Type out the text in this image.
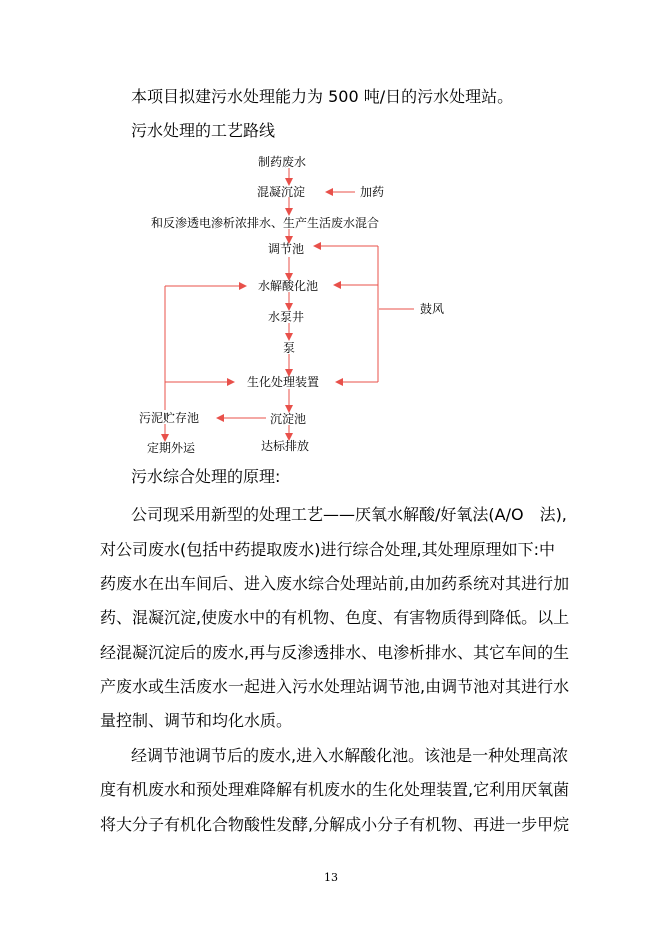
本项目拟建污水处理能力为 500 吨/日的污水处理站。
污水处理的工艺路线
制药废水
混凝沉淀	加药
和反渗透电渗析浓排水、生产生活废水混合
调节池
水解酸化池
水泵井
泵
生化处理装置
沉淀池
达标排放
污泥贮存池
定期外运
鼓风
污水综合处理的原理:
公司现采用新型的处理工艺——厌氧水解酸/好氧法(A/O　法),
对公司废水(包括中药提取废水)进行综合处理,其处理原理如下:中
药废水在出车间后、进入废水综合处理站前,由加药系统对其进行加
药、混凝沉淀,使废水中的有机物、色度、有害物质得到降低。以上
经混凝沉淀后的废水,再与反渗透排水、电渗析排水、其它车间的生
产废水或生活废水一起进入污水处理站调节池,由调节池对其进行水
量控制、调节和均化水质。
经调节池调节后的废水,进入水解酸化池。该池是一种处理高浓
度有机废水和预处理难降解有机废水的生化处理装置,它利用厌氧菌
将大分子有机化合物酸性发酵,分解成小分子有机物、再进一步甲烷
13
